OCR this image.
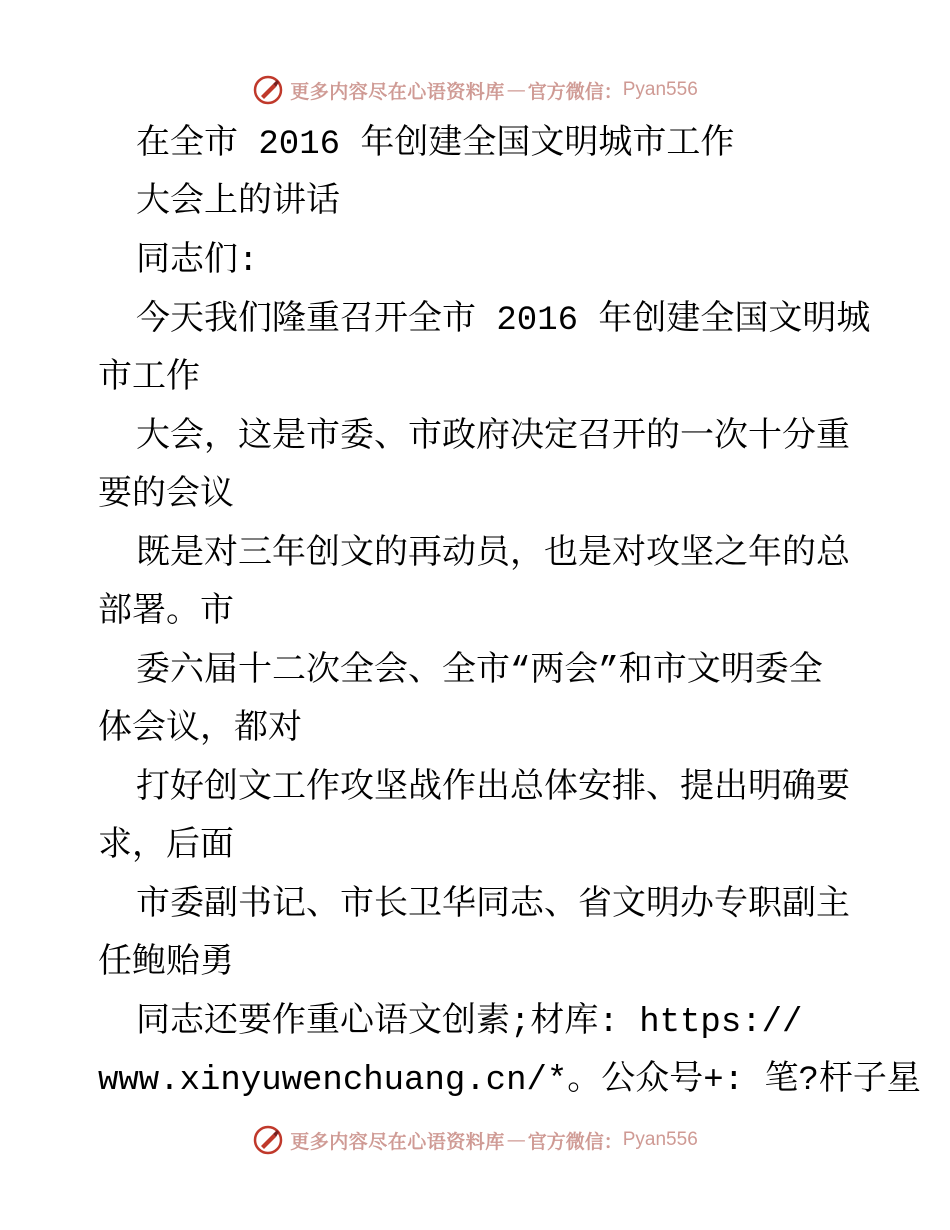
更多内容尽在心语资料库 — 官方微信： Pyan556
在全市 2016 年创建全国文明城市工作
大会上的讲话
同志们:
今天我们隆重召开全市 2016 年创建全国文明城
市工作
大会，这是市委、市政府决定召开的一次十分重
要的会议
既是对三年创文的再动员，也是对攻坚之年的总
部署。市
委六届十二次全会、全市“两会”和市文明委全
体会议，都对
打好创文工作攻坚战作出总体安排、提出明确要
求，后面
市委副书记、市长卫华同志、省文明办专职副主
任鲍贻勇
同志还要作重心语文创素;材库: https://
www.xinyuwenchuang.cn/*。公众号+: 笔?杆子星
更多内容尽在心语资料库 — 官方微信： Pyan556
